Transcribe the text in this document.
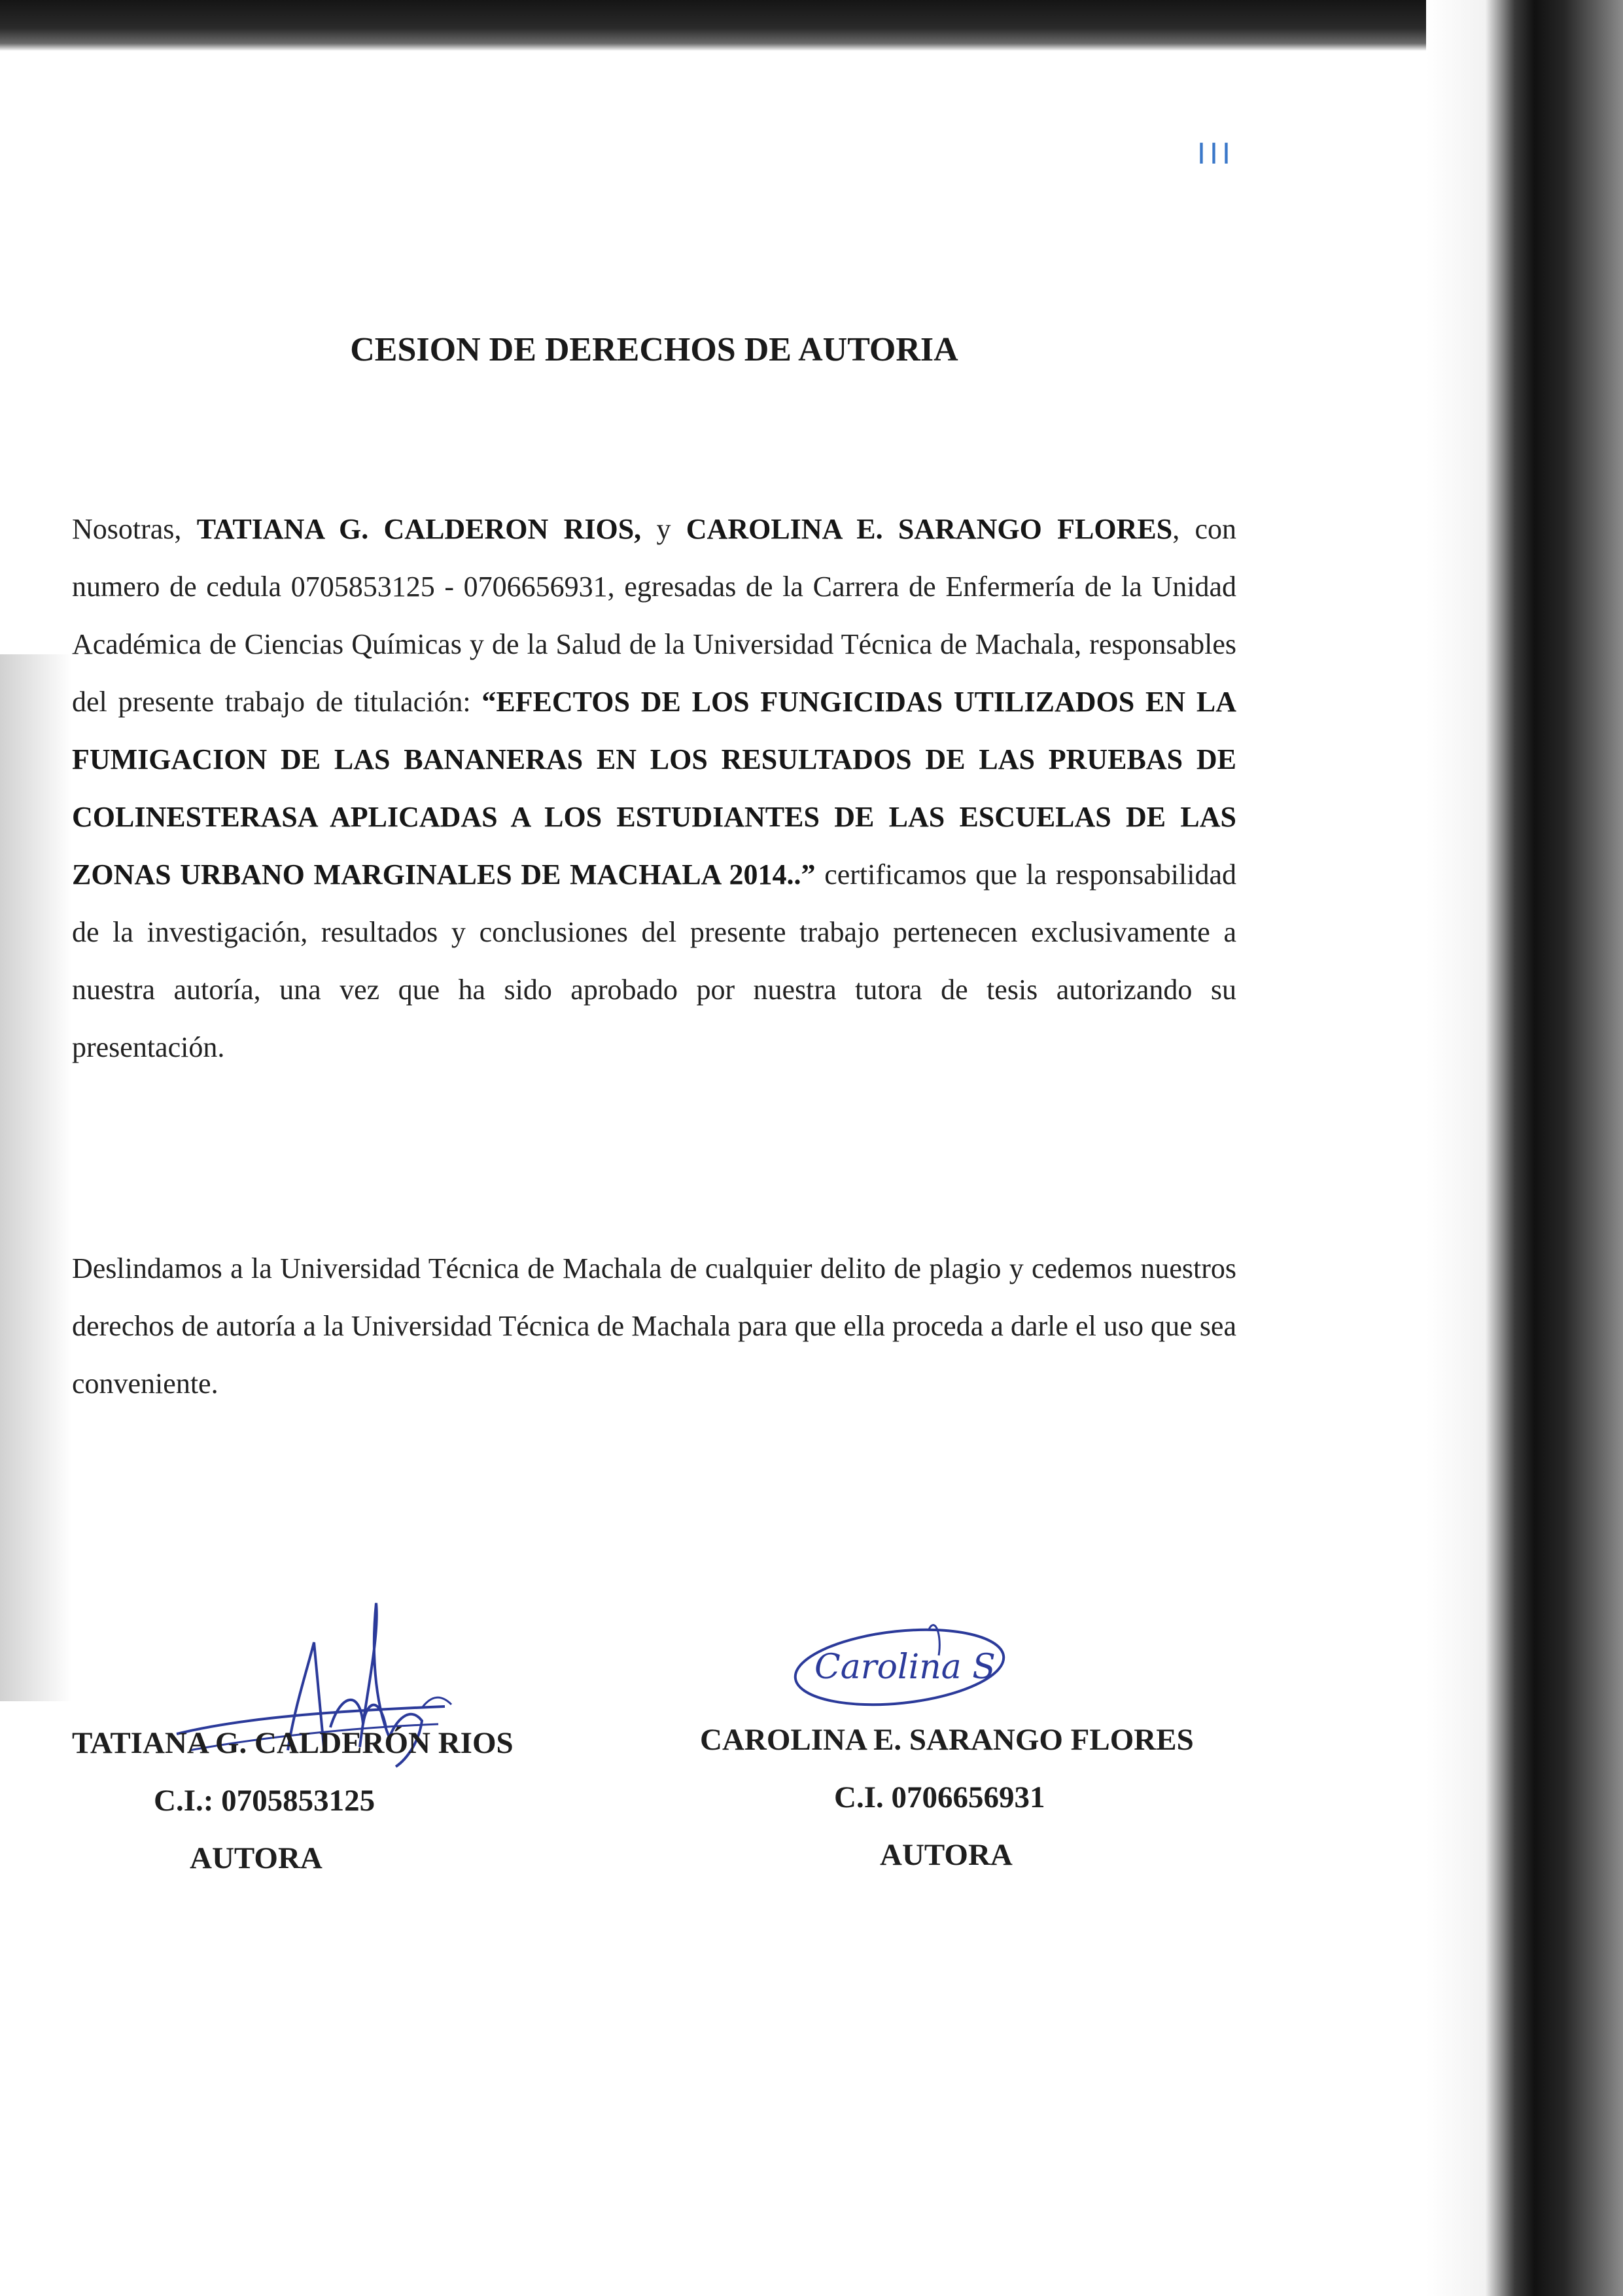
III
CESION DE DERECHOS DE AUTORIA
Nosotras, TATIANA G. CALDERON RIOS, y CAROLINA E. SARANGO FLORES, con numero de cedula 0705853125 - 0706656931, egresadas de la Carrera de Enfermería de la Unidad Académica de Ciencias Químicas y de la Salud de la Universidad Técnica de Machala, responsables del presente trabajo de titulación: “EFECTOS DE LOS FUNGICIDAS UTILIZADOS EN LA FUMIGACION DE LAS BANANERAS EN LOS RESULTADOS DE LAS PRUEBAS DE COLINESTERASA APLICADAS A LOS ESTUDIANTES DE LAS ESCUELAS DE LAS ZONAS URBANO MARGINALES DE MACHALA 2014..” certificamos que la responsabilidad de la investigación, resultados y conclusiones del presente trabajo pertenecen exclusivamente a nuestra autoría, una vez que ha sido aprobado por nuestra tutora de tesis autorizando su presentación.
Deslindamos a la Universidad Técnica de Machala de cualquier delito de plagio y cedemos nuestros derechos de autoría a la Universidad Técnica de Machala para que ella proceda a darle el uso que sea conveniente.
Carolina S
TATIANA G. CALDERÓN RIOS
C.I.: 0705853125
AUTORA
CAROLINA E. SARANGO FLORES
C.I. 0706656931
AUTORA
